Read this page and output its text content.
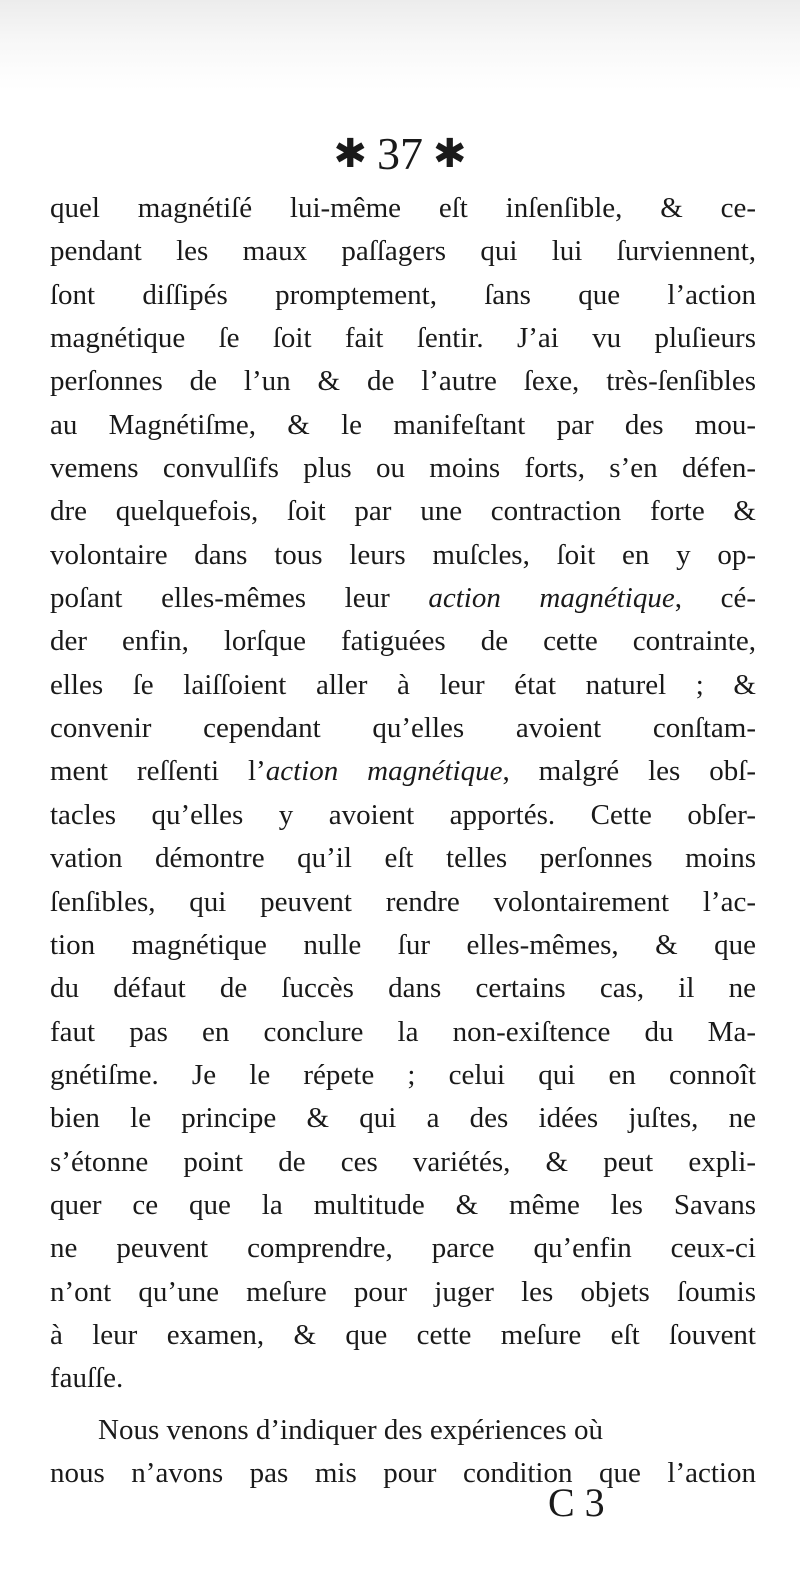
✱ 37 ✱
quel magnétiſé lui-même eſt inſenſible, & ce-
pendant les maux paſſagers qui lui ſurviennent,
ſont diſſipés promptement, ſans que l’action
magnétique ſe ſoit fait ſentir. J’ai vu pluſieurs
perſonnes de l’un & de l’autre ſexe, très-ſenſibles
au Magnétiſme, & le manifeſtant par des mou-
vemens convulſifs plus ou moins forts, s’en défen-
dre quelquefois, ſoit par une contraction forte &
volontaire dans tous leurs muſcles, ſoit en y op-
poſant elles-mêmes leur action magnétique, cé-
der enfin, lorſque fatiguées de cette contrainte,
elles ſe laiſſoient aller à leur état naturel ; &
convenir cependant qu’elles avoient conſtam-
ment reſſenti l’action magnétique, malgré les obſ-
tacles qu’elles y avoient apportés. Cette obſer-
vation démontre qu’il eſt telles perſonnes moins
ſenſibles, qui peuvent rendre volontairement l’ac-
tion magnétique nulle ſur elles-mêmes, & que
du défaut de ſuccès dans certains cas, il ne
faut pas en conclure la non-exiſtence du Ma-
gnétiſme. Je le répete ; celui qui en connoît
bien le principe & qui a des idées juſtes, ne
s’étonne point de ces variétés, & peut expli-
quer ce que la multitude & même les Savans
ne peuvent comprendre, parce qu’enfin ceux-ci
n’ont qu’une meſure pour juger les objets ſoumis
à leur examen, & que cette meſure eſt ſouvent
fauſſe.
Nous venons d’indiquer des expériences où
nous n’avons pas mis pour condition que l’action
C 3
